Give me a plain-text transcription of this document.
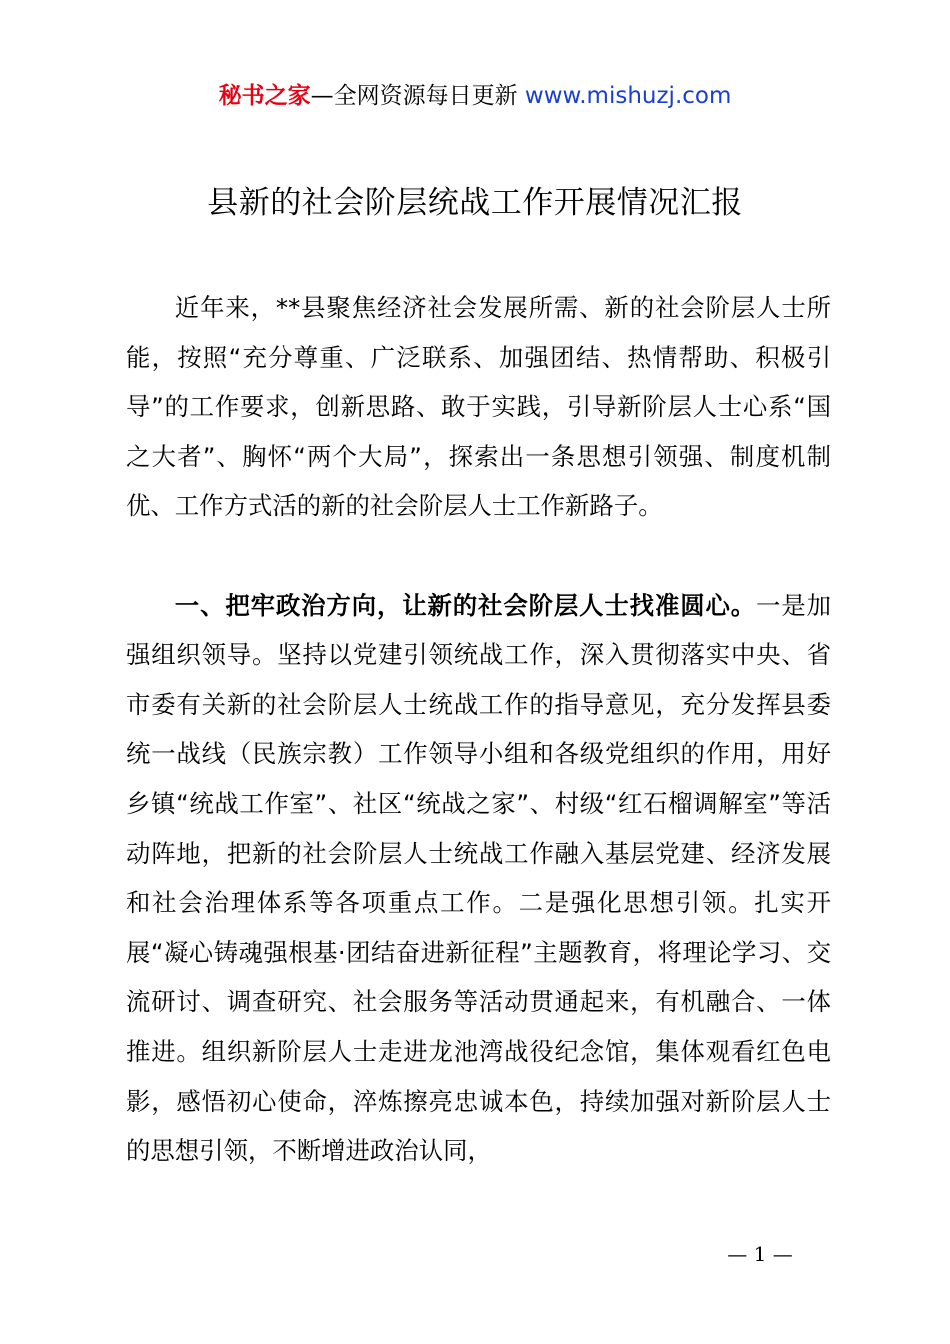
秘书之家—全网资源每日更新 www.mishuzj.com
县新的社会阶层统战工作开展情况汇报

近年来，**县聚焦经济社会发展所需、新的社会阶层人士所能，按照“充分尊重、广泛联系、加强团结、热情帮助、积极引导”的工作要求，创新思路、敢于实践，引导新阶层人士心系“国之大者”、胸怀“两个大局”，探索出一条思想引领强、制度机制优、工作方式活的新的社会阶层人士工作新路子。

一、把牢政治方向，让新的社会阶层人士找准圆心。一是加强组织领导。坚持以党建引领统战工作，深入贯彻落实中央、省市委有关新的社会阶层人士统战工作的指导意见，充分发挥县委统一战线（民族宗教）工作领导小组和各级党组织的作用，用好乡镇“统战工作室”、社区“统战之家”、村级“红石榴调解室”等活动阵地，把新的社会阶层人士统战工作融入基层党建、经济发展和社会治理体系等各项重点工作。二是强化思想引领。扎实开展“凝心铸魂强根基·团结奋进新征程”主题教育，将理论学习、交流研讨、调查研究、社会服务等活动贯通起来，有机融合、一体推进。组织新阶层人士走进龙池湾战役纪念馆，集体观看红色电影，感悟初心使命，淬炼擦亮忠诚本色，持续加强对新阶层人士的思想引领，不断增进政治认同，

— 1 —
